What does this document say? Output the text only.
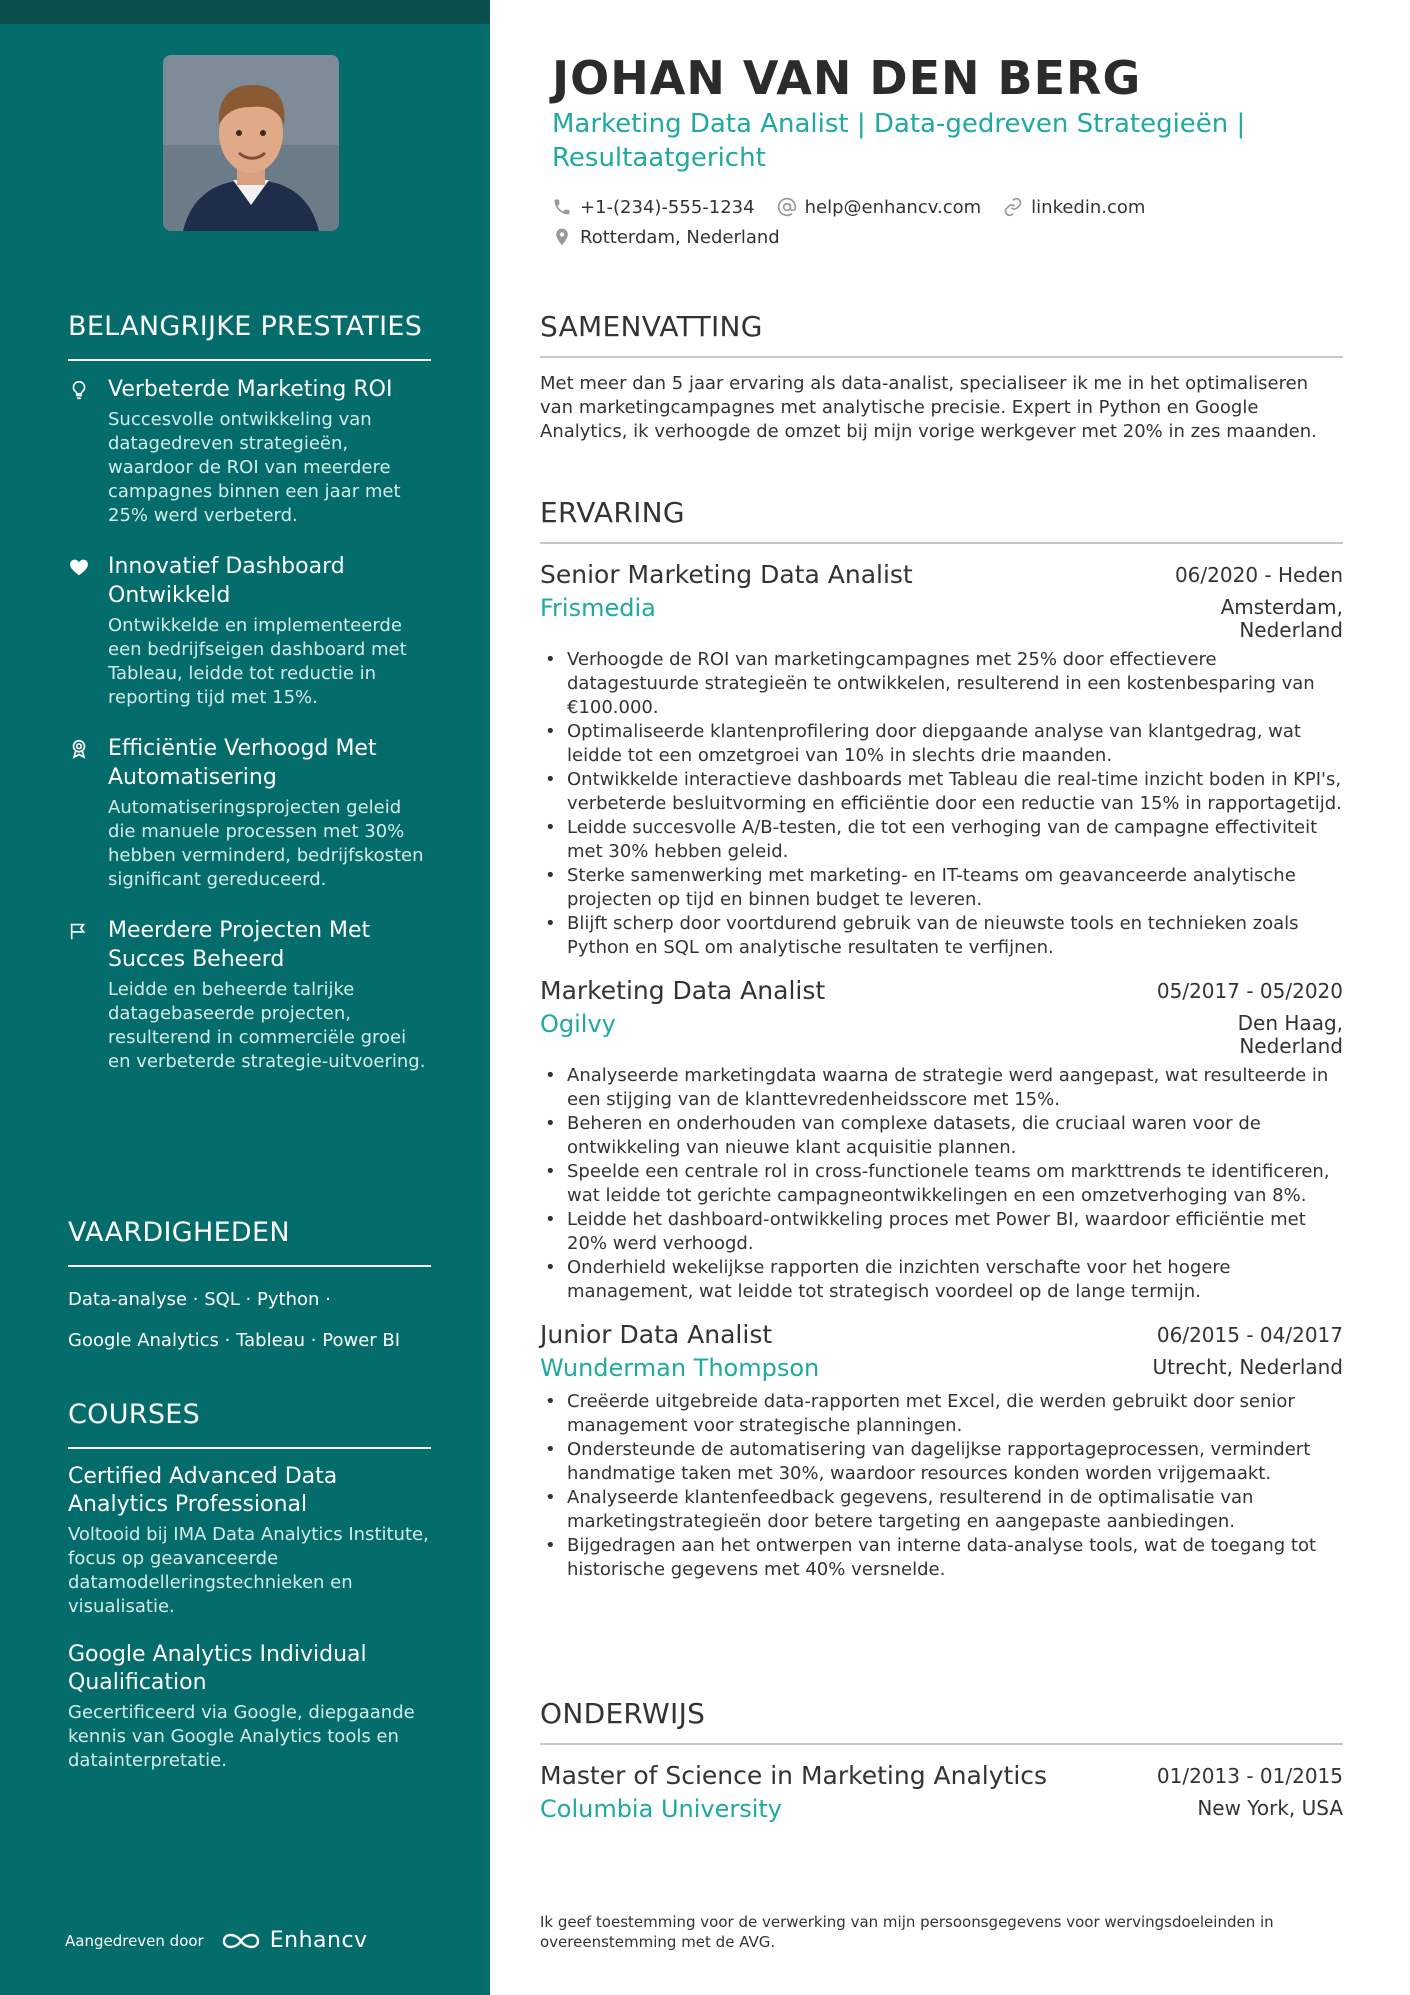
BELANGRIJKE PRESTATIES
Verbeterde Marketing ROI
Succesvolle ontwikkeling van datagedreven strategieën, waardoor de ROI van meerdere campagnes binnen een jaar met 25% werd verbeterd.
Innovatief Dashboard Ontwikkeld
Ontwikkelde en implementeerde een bedrijfseigen dashboard met Tableau, leidde tot reductie in reporting tijd met 15%.
Efficiëntie Verhoogd Met Automatisering
Automatiseringsprojecten geleid die manuele processen met 30% hebben verminderd, bedrijfskosten significant gereduceerd.
Meerdere Projecten Met Succes Beheerd
Leidde en beheerde talrijke datagebaseerde projecten, resulterend in commerciële groei en verbeterde strategie-uitvoering.
VAARDIGHEDEN
Data-analyse · SQL · Python ·
Google Analytics · Tableau · Power BI
COURSES
Certified Advanced Data Analytics Professional
Voltooid bij IMA Data Analytics Institute, focus op geavanceerde datamodelleringstechnieken en visualisatie.
Google Analytics Individual Qualification
Gecertificeerd via Google, diepgaande kennis van Google Analytics tools en datainterpretatie.
Aangedreven door	Enhancv
JOHAN VAN DEN BERG
Marketing Data Analist | Data-gedreven Strategieën | Resultaatgericht
+1-(234)-555-1234	help@enhancv.com	linkedin.com
Rotterdam, Nederland
SAMENVATTING

Met meer dan 5 jaar ervaring als data-analist, specialiseer ik me in het optimaliseren van marketingcampagnes met analytische precisie. Expert in Python en Google Analytics, ik verhoogde de omzet bij mijn vorige werkgever met 20% in zes maanden.

ERVARING
Senior Marketing Data Analist	06/2020 - Heden
Frismedia	Amsterdam, Nederland
• Verhoogde de ROI van marketingcampagnes met 25% door effectievere datagestuurde strategieën te ontwikkelen, resulterend in een kostenbesparing van €100.000.
• Optimaliseerde klantenprofilering door diepgaande analyse van klantgedrag, wat leidde tot een omzetgroei van 10% in slechts drie maanden.
• Ontwikkelde interactieve dashboards met Tableau die real-time inzicht boden in KPI's, verbeterde besluitvorming en efficiëntie door een reductie van 15% in rapportagetijd.
• Leidde succesvolle A/B-testen, die tot een verhoging van de campagne effectiviteit met 30% hebben geleid.
• Sterke samenwerking met marketing- en IT-teams om geavanceerde analytische projecten op tijd en binnen budget te leveren.
• Blijft scherp door voortdurend gebruik van de nieuwste tools en technieken zoals Python en SQL om analytische resultaten te verfijnen.
Marketing Data Analist	05/2017 - 05/2020
Ogilvy	Den Haag, Nederland
• Analyseerde marketingdata waarna de strategie werd aangepast, wat resulteerde in een stijging van de klanttevredenheidsscore met 15%.
• Beheren en onderhouden van complexe datasets, die cruciaal waren voor de ontwikkeling van nieuwe klant acquisitie plannen.
• Speelde een centrale rol in cross-functionele teams om markttrends te identificeren, wat leidde tot gerichte campagneontwikkelingen en een omzetverhoging van 8%.
• Leidde het dashboard-ontwikkeling proces met Power BI, waardoor efficiëntie met 20% werd verhoogd.
• Onderhield wekelijkse rapporten die inzichten verschafte voor het hogere management, wat leidde tot strategisch voordeel op de lange termijn.
Junior Data Analist	06/2015 - 04/2017
Wunderman Thompson	Utrecht, Nederland
• Creëerde uitgebreide data-rapporten met Excel, die werden gebruikt door senior management voor strategische planningen.
• Ondersteunde de automatisering van dagelijkse rapportageprocessen, vermindert handmatige taken met 30%, waardoor resources konden worden vrijgemaakt.
• Analyseerde klantenfeedback gegevens, resulterend in de optimalisatie van marketingstrategieën door betere targeting en aangepaste aanbiedingen.
• Bijgedragen aan het ontwerpen van interne data-analyse tools, wat de toegang tot historische gegevens met 40% versnelde.
ONDERWIJS
Master of Science in Marketing Analytics	01/2013 - 01/2015
Columbia University	New York, USA
Ik geef toestemming voor de verwerking van mijn persoonsgegevens voor wervingsdoeleinden in overeenstemming met de AVG.
